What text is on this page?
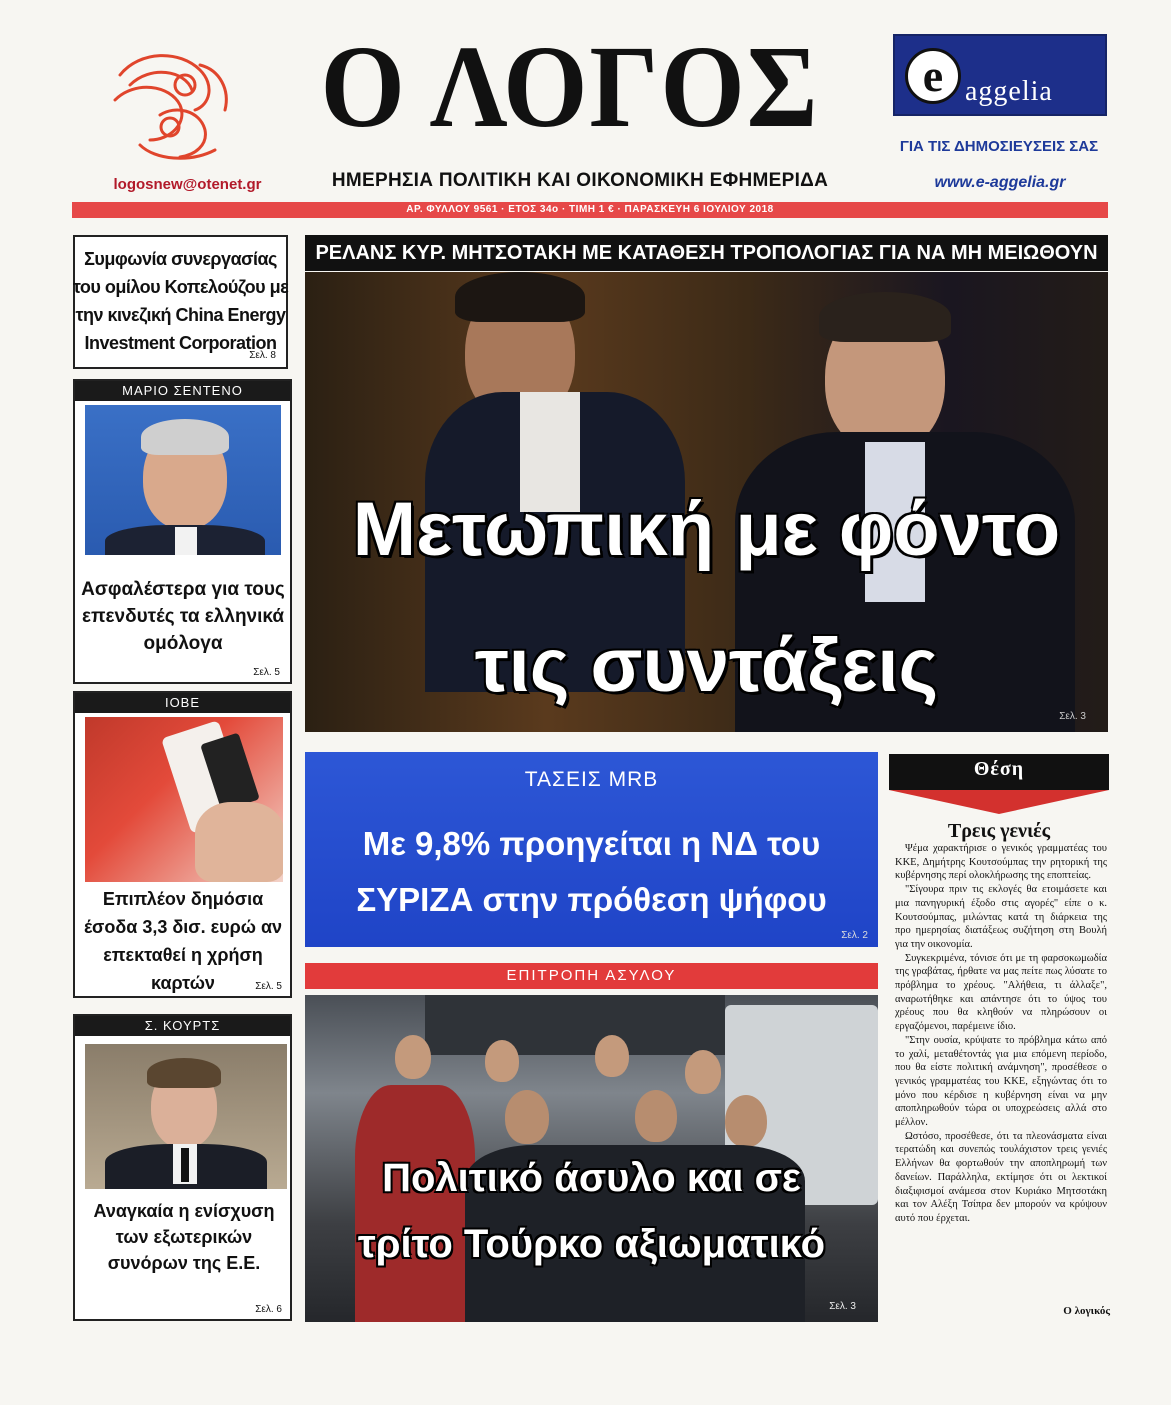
logosnew@otenet.gr
Ο ΛΟΓΟΣ
ΗΜΕΡΗΣΙΑ ΠΟΛΙΤΙΚΗ ΚΑΙ ΟΙΚΟΝΟΜΙΚΗ ΕΦΗΜΕΡΙΔΑ
e aggelia
ΓΙΑ ΤΙΣ ΔΗΜΟΣΙΕΥΣΕΙΣ ΣΑΣ
www.e-aggelia.gr
ΑΡ. ΦΥΛΛΟΥ 9561 · ΕΤΟΣ 34ο · ΤΙΜΗ 1 € · ΠΑΡΑΣΚΕΥΗ 6 ΙΟΥΛΙΟΥ 2018
Συμφωνία συνεργασίας του ομίλου Κοπελούζου με την κινεζική China Energy Investment Corporation
Σελ. 8
ΜΑΡΙΟ ΣΕΝΤΕΝΟ
Ασφαλέστερα για τους επενδυτές τα ελληνικά ομόλογα
Σελ. 5
ΙΟΒΕ
Επιπλέον δημόσια έσοδα 3,3 δισ. ευρώ αν επεκταθεί η χρήση καρτών	Σελ. 5
Σ. ΚΟΥΡΤΣ
Αναγκαία η ενίσχυση των εξωτερικών συνόρων της Ε.Ε.
Σελ. 6
ΡΕΛΑΝΣ ΚΥΡ. ΜΗΤΣΟΤΑΚΗ ΜΕ ΚΑΤΑΘΕΣΗ ΤΡΟΠΟΛΟΓΙΑΣ ΓΙΑ ΝΑ ΜΗ ΜΕΙΩΘΟΥΝ
Μετωπική με φόντο
τις συντάξεις
Σελ. 3
ΤΑΣΕΙΣ MRB
Με 9,8% προηγείται η ΝΔ του
ΣΥΡΙΖΑ στην πρόθεση ψήφου
Σελ. 2
ΕΠΙΤΡΟΠΗ ΑΣΥΛΟΥ
Πολιτικό άσυλο και σε
τρίτο Τούρκο αξιωματικό
Σελ. 3
Θέση
Τρεις γενιές

Ψέμα χαρακτήρισε ο γενικός γραμματέας του ΚΚΕ, Δημήτρης Κουτσούμπας την ρητορική της κυβέρνησης περί ολοκλήρωσης της εποπτείας.

"Σίγουρα πριν τις εκλογές θα ετοιμάσετε και μια πανηγυρική έξοδο στις αγορές" είπε ο κ. Κουτσούμπας, μιλώντας κατά τη διάρκεια της προ ημερησίας διατάξεως συζήτηση στη Βουλή για την οικονομία.

Συγκεκριμένα, τόνισε ότι με τη φαρσοκωμωδία της γραβάτας, ήρθατε να μας πείτε πως λύσατε το πρόβλημα το χρέους. "Αλήθεια, τι άλλαξε", αναρωτήθηκε και απάντησε ότι το ύψος του χρέους που θα κληθούν να πληρώσουν οι εργαζόμενοι, παρέμεινε ίδιο.

"Στην ουσία, κρύψατε το πρόβλημα κάτω από το χαλί, μεταθέτοντάς για μια επόμενη περίοδο, που θα είστε πολιτική ανάμνηση", προσέθεσε ο γενικός γραμματέας του ΚΚΕ, εξηγώντας ότι το μόνο που κέρδισε η κυβέρνηση είναι να μην αποπληρωθούν τώρα οι υποχρεώσεις αλλά στο μέλλον.

Ωστόσο, προσέθεσε, ότι τα πλεονάσματα είναι τερατώδη και συνεπώς τουλάχιστον τρεις γενιές Ελλήνων θα φορτωθούν την αποπληρωμή των δανείων. Παράλληλα, εκτίμησε ότι οι λεκτικοί διαξιφισμοί ανάμεσα στον Κυριάκο Μητσοτάκη και τον Αλέξη Τσίπρα δεν μπορούν να κρύψουν αυτό που έρχεται.

Ο λογικός
